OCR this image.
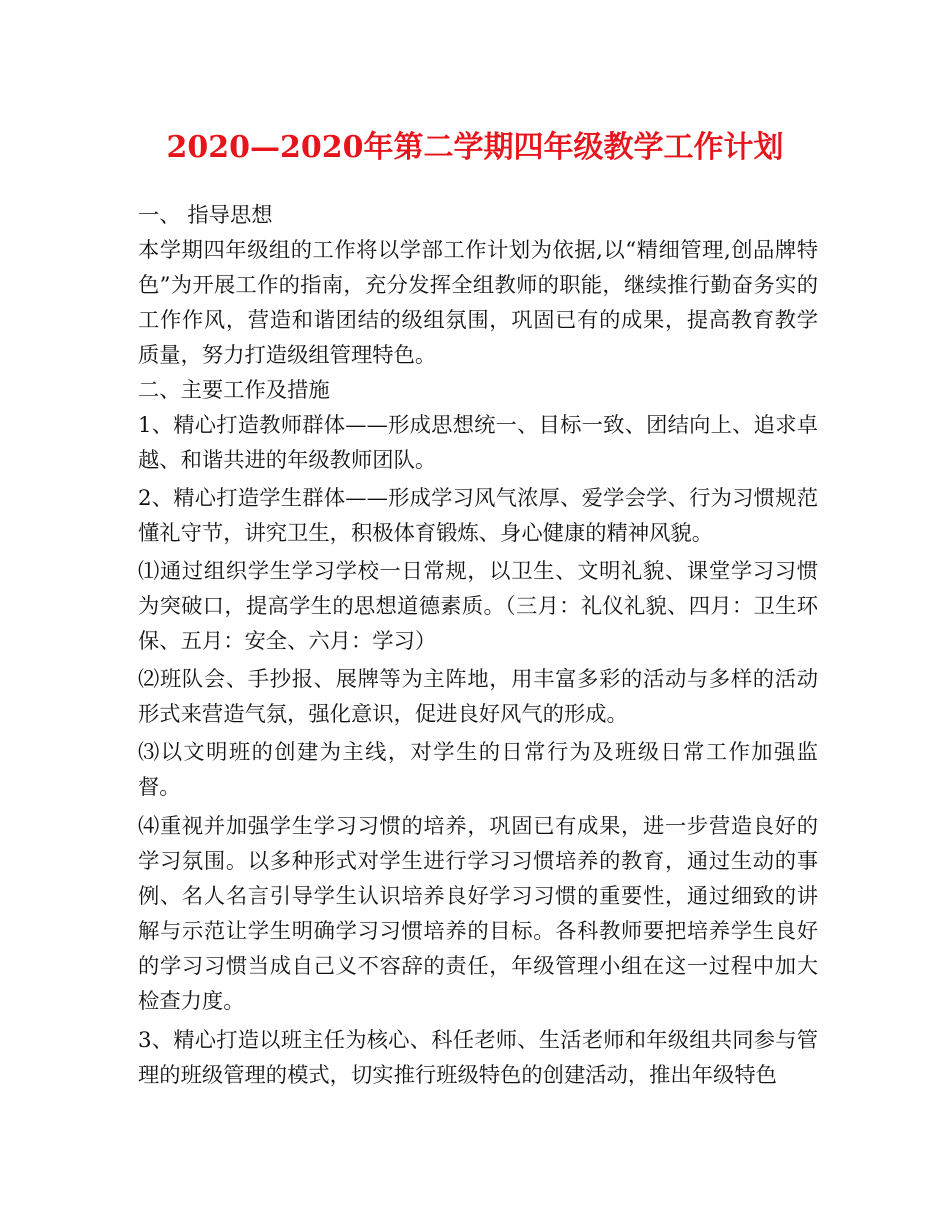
2020—2020年第二学期四年级教学工作计划

一、 指导思想

本学期四年级组的工作将以学部工作计划为依据,以“精细管理,创品牌特色”为开展工作的指南，充分发挥全组教师的职能，继续推行勤奋务实的工作作风，营造和谐团结的级组氛围，巩固已有的成果，提高教育教学质量，努力打造级组管理特色。

二、主要工作及措施

1、精心打造教师群体——形成思想统一、目标一致、团结向上、追求卓越、和谐共进的年级教师团队。

2、精心打造学生群体——形成学习风气浓厚、爱学会学、行为习惯规范懂礼守节，讲究卫生，积极体育锻炼、身心健康的精神风貌。

⑴通过组织学生学习学校一日常规，以卫生、文明礼貌、课堂学习习惯为突破口，提高学生的思想道德素质。（三月：礼仪礼貌、四月：卫生环保、五月：安全、六月：学习）

⑵班队会、手抄报、展牌等为主阵地，用丰富多彩的活动与多样的活动形式来营造气氛，强化意识，促进良好风气的形成。

⑶以文明班的创建为主线，对学生的日常行为及班级日常工作加强监督。

⑷重视并加强学生学习习惯的培养，巩固已有成果，进一步营造良好的学习氛围。以多种形式对学生进行学习习惯培养的教育，通过生动的事例、名人名言引导学生认识培养良好学习习惯的重要性，通过细致的讲解与示范让学生明确学习习惯培养的目标。各科教师要把培养学生良好的学习习惯当成自己义不容辞的责任，年级管理小组在这一过程中加大检查力度。

3、精心打造以班主任为核心、科任老师、生活老师和年级组共同参与管理的班级管理的模式，切实推行班级特色的创建活动，推出年级特色
